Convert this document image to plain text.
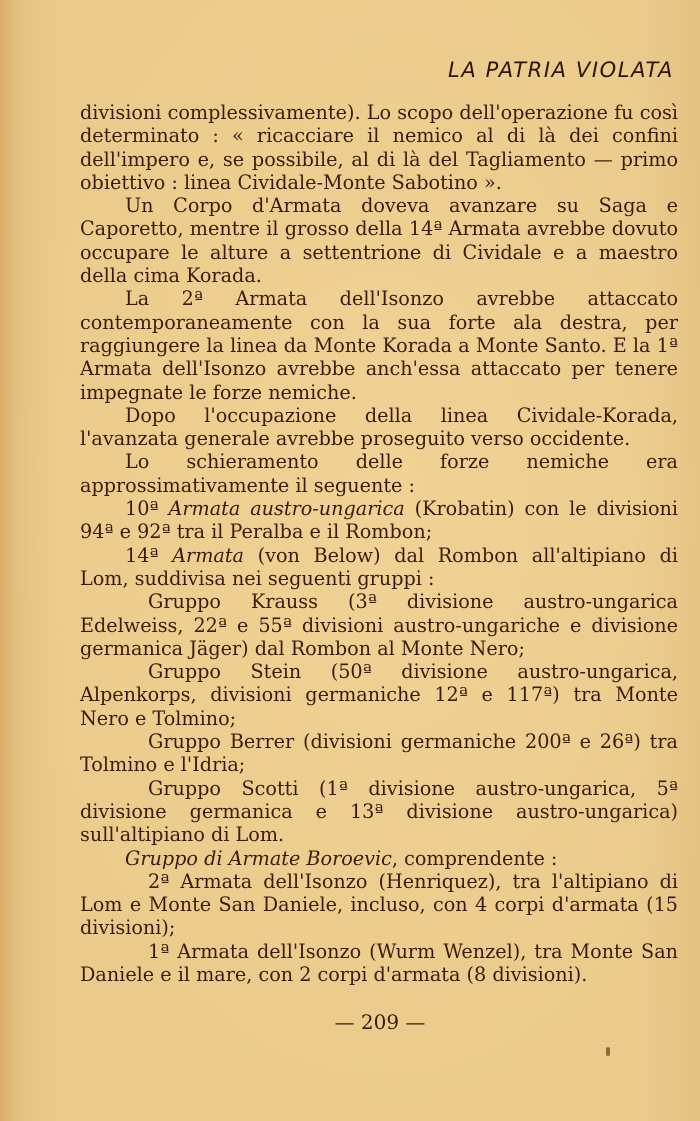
LA PATRIA VIOLATA

divisioni complessivamente). Lo scopo dell'operazione fu così determinato : « ricacciare il nemico al di là dei confini dell'impero e, se possibile, al di là del Tagliamento — primo obiettivo : linea Cividale-Monte Sabotino ».

Un Corpo d'Armata doveva avanzare su Saga e Caporetto, mentre il grosso della 14ª Armata avrebbe dovuto occupare le alture a settentrione di Cividale e a maestro della cima Korada.

La 2ª Armata dell'Isonzo avrebbe attaccato contemporaneamente con la sua forte ala destra, per raggiungere la linea da Monte Korada a Monte Santo. E la 1ª Armata dell'Isonzo avrebbe anch'essa attaccato per tenere impegnate le forze nemiche.

Dopo l'occupazione della linea Cividale-Korada, l'avanzata generale avrebbe proseguito verso occidente.

Lo schieramento delle forze nemiche era approssimativamente il seguente :

10ª Armata austro-ungarica (Krobatin) con le divisioni 94ª e 92ª tra il Peralba e il Rombon;

14ª Armata (von Below) dal Rombon all'altipiano di Lom, suddivisa nei seguenti gruppi :

Gruppo Krauss (3ª divisione austro-ungarica Edelweiss, 22ª e 55ª divisioni austro-ungariche e divisione germanica Jäger) dal Rombon al Monte Nero;

Gruppo Stein (50ª divisione austro-ungarica, Alpenkorps, divisioni germaniche 12ª e 117ª) tra Monte Nero e Tolmino;

Gruppo Berrer (divisioni germaniche 200ª e 26ª) tra Tolmino e l'Idria;

Gruppo Scotti (1ª divisione austro-ungarica, 5ª divisione germanica e 13ª divisione austro-ungarica) sull'altipiano di Lom.

Gruppo di Armate Boroevic, comprendente :

2ª Armata dell'Isonzo (Henriquez), tra l'altipiano di Lom e Monte San Daniele, incluso, con 4 corpi d'armata (15 divisioni);

1ª Armata dell'Isonzo (Wurm Wenzel), tra Monte San Daniele e il mare, con 2 corpi d'armata (8 divisioni).

— 209 —
